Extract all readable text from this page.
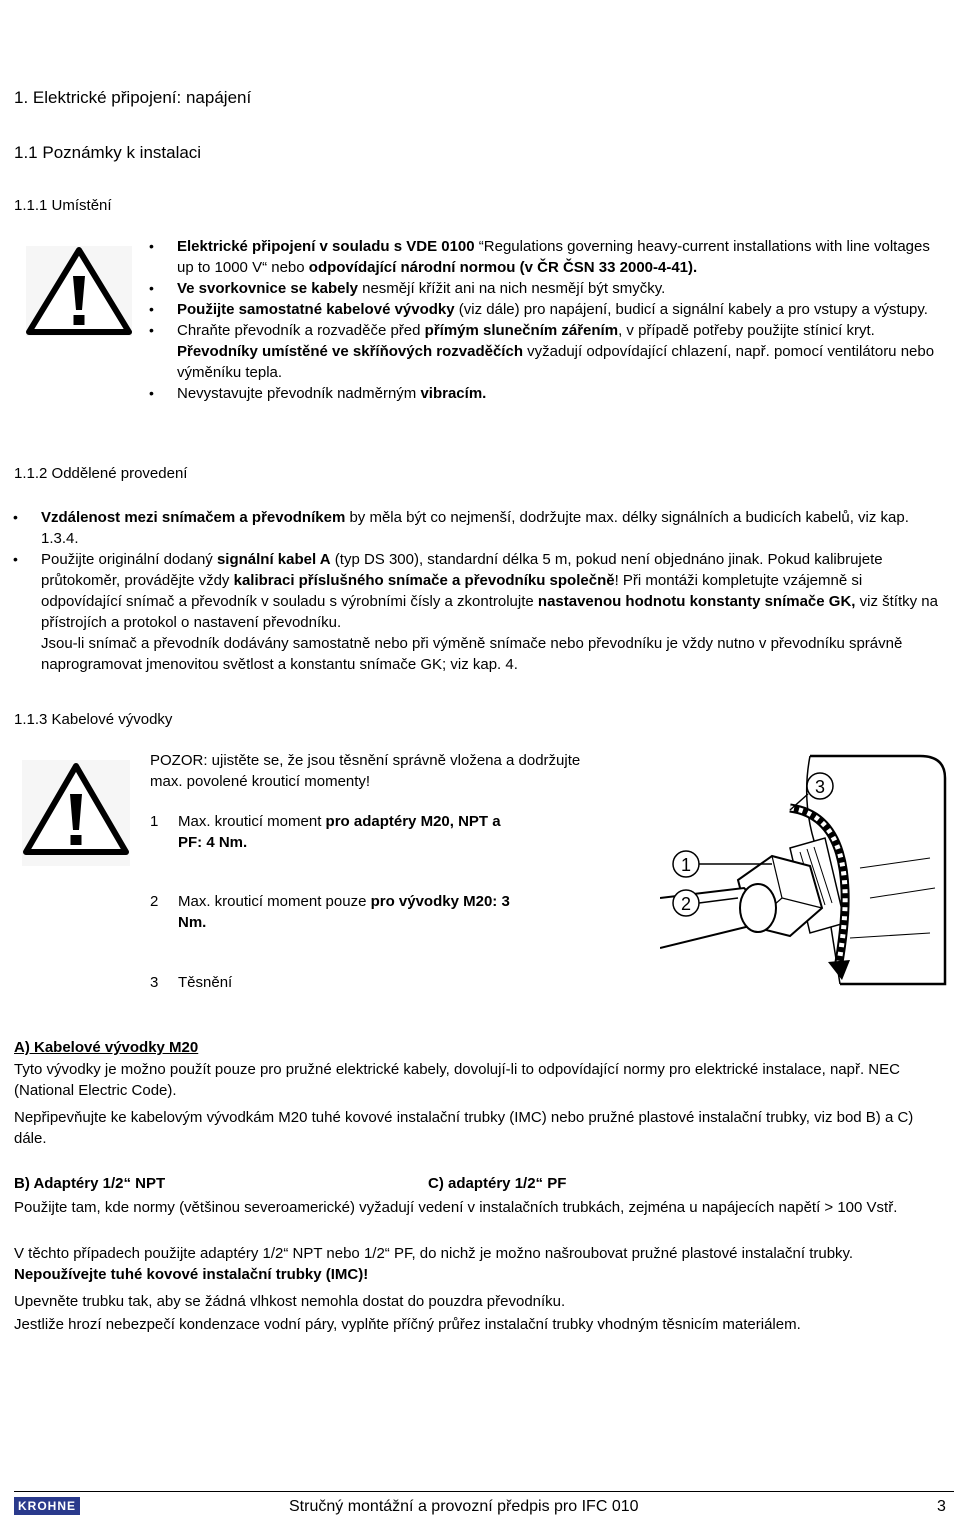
1. Elektrické připojení: napájení
1.1 Poznámky k instalaci
1.1.1 Umístění
• Elektrické připojení v souladu s VDE 0100 “Regulations governing heavy-current installations with line voltages up to 1000 V“ nebo odpovídající národní normou (v ČR ČSN 33 2000-4-41).
• Ve svorkovnice se kabely nesmějí křížit ani na nich nesmějí být smyčky.
• Použijte samostatné kabelové vývodky (viz dále) pro napájení, budicí a signální kabely a pro vstupy a výstupy.
• Chraňte převodník a rozvaděče před přímým slunečním zářením, v případě potřeby použijte stínicí kryt. Převodníky umístěné ve skříňových rozvaděčích vyžadují odpovídající chlazení, např. pomocí ventilátoru nebo výměníku tepla.
• Nevystavujte převodník nadměrným vibracím.
1.1.2 Oddělené provedení
• Vzdálenost mezi snímačem a převodníkem by měla být co nejmenší, dodržujte max. délky signálních a budicích kabelů, viz kap. 1.3.4.
• Použijte originální dodaný signální kabel A (typ DS 300), standardní délka 5 m, pokud není objednáno jinak. Pokud kalibrujete průtokoměr, provádějte vždy kalibraci příslušného snímače a převodníku společně! Při montáži kompletujte vzájemně si odpovídající snímač a převodník v souladu s výrobními čísly a zkontrolujte nastavenou hodnotu konstanty snímače GK, viz štítky na přístrojích a protokol o nastavení převodníku.
Jsou-li snímač a převodník dodávány samostatně nebo při výměně snímače nebo převodníku je vždy nutno v převodníku správně naprogramovat jmenovitou světlost a konstantu snímače GK; viz kap. 4.
1.1.3 Kabelové vývodky
POZOR: ujistěte se, že jsou těsnění správně vložena a dodržujte max. povolené krouticí momenty!
1 Max. krouticí moment pro adaptéry M20, NPT a PF: 4 Nm.
2 Max. krouticí moment pouze pro vývodky M20: 3 Nm.
3 Těsnění
3
1
2
A) Kabelové vývodky M20
Tyto vývodky je možno použít pouze pro pružné elektrické kabely, dovolují-li to odpovídající normy pro elektrické instalace, např. NEC (National Electric Code).
Nepřipevňujte ke kabelovým vývodkám M20 tuhé kovové instalační trubky (IMC) nebo pružné plastové instalační trubky, viz bod B) a C) dále.
B) Adaptéry 1/2“ NPT	C) adaptéry 1/2“ PF
Použijte tam, kde normy (většinou severoamerické) vyžadují vedení v instalačních trubkách, zejména u napájecích napětí > 100 Vstř.
V těchto případech použijte adaptéry 1/2“ NPT nebo 1/2“ PF, do nichž je možno našroubovat pružné plastové instalační trubky. Nepoužívejte tuhé kovové instalační trubky (IMC)!
Upevněte trubku tak, aby se žádná vlhkost nemohla dostat do pouzdra převodníku.
Jestliže hrozí nebezpečí kondenzace vodní páry, vyplňte příčný průřez instalační trubky vhodným těsnicím materiálem.
KROHNE	Stručný montážní a provozní předpis pro IFC 010	3
